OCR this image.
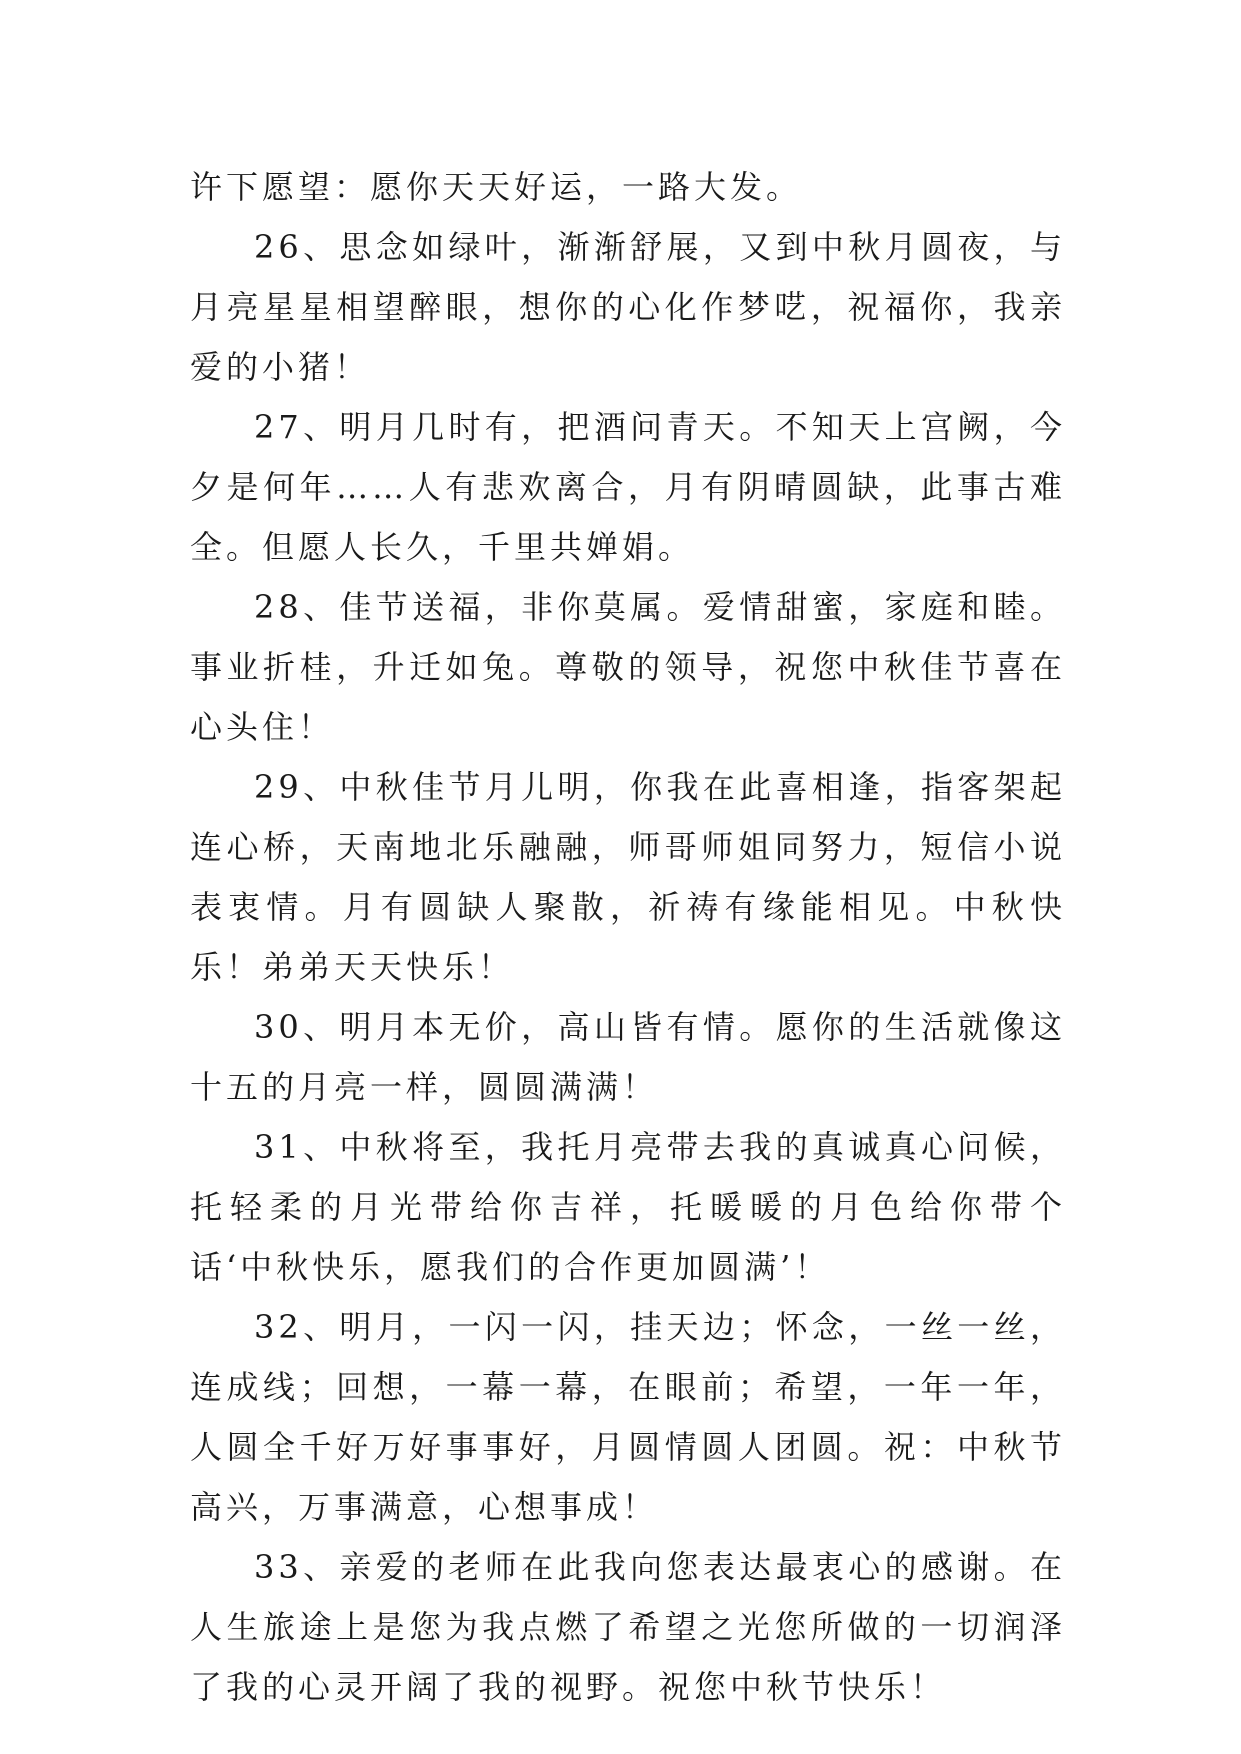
许下愿望：愿你天天好运，一路大发。

26、思念如绿叶，渐渐舒展，又到中秋月圆夜，与月亮星星相望醉眼，想你的心化作梦呓，祝福你，我亲爱的小猪！

27、明月几时有，把酒问青天。不知天上宫阙，今夕是何年……人有悲欢离合，月有阴晴圆缺，此事古难全。但愿人长久，千里共婵娟。

28、佳节送福，非你莫属。爱情甜蜜，家庭和睦。事业折桂，升迁如兔。尊敬的领导，祝您中秋佳节喜在心头住！

29、中秋佳节月儿明，你我在此喜相逢，指客架起连心桥，天南地北乐融融，师哥师姐同努力，短信小说表衷情。月有圆缺人聚散，祈祷有缘能相见。中秋快乐！弟弟天天快乐！

30、明月本无价，高山皆有情。愿你的生活就像这十五的月亮一样，圆圆满满！

31、中秋将至，我托月亮带去我的真诚真心问候，托轻柔的月光带给你吉祥，托暖暖的月色给你带个话‘中秋快乐，愿我们的合作更加圆满’！

32、明月，一闪一闪，挂天边；怀念，一丝一丝，连成线；回想，一幕一幕，在眼前；希望，一年一年，人圆全千好万好事事好，月圆情圆人团圆。祝：中秋节高兴，万事满意，心想事成！

33、亲爱的老师在此我向您表达最衷心的感谢。在人生旅途上是您为我点燃了希望之光您所做的一切润泽了我的心灵开阔了我的视野。祝您中秋节快乐！
